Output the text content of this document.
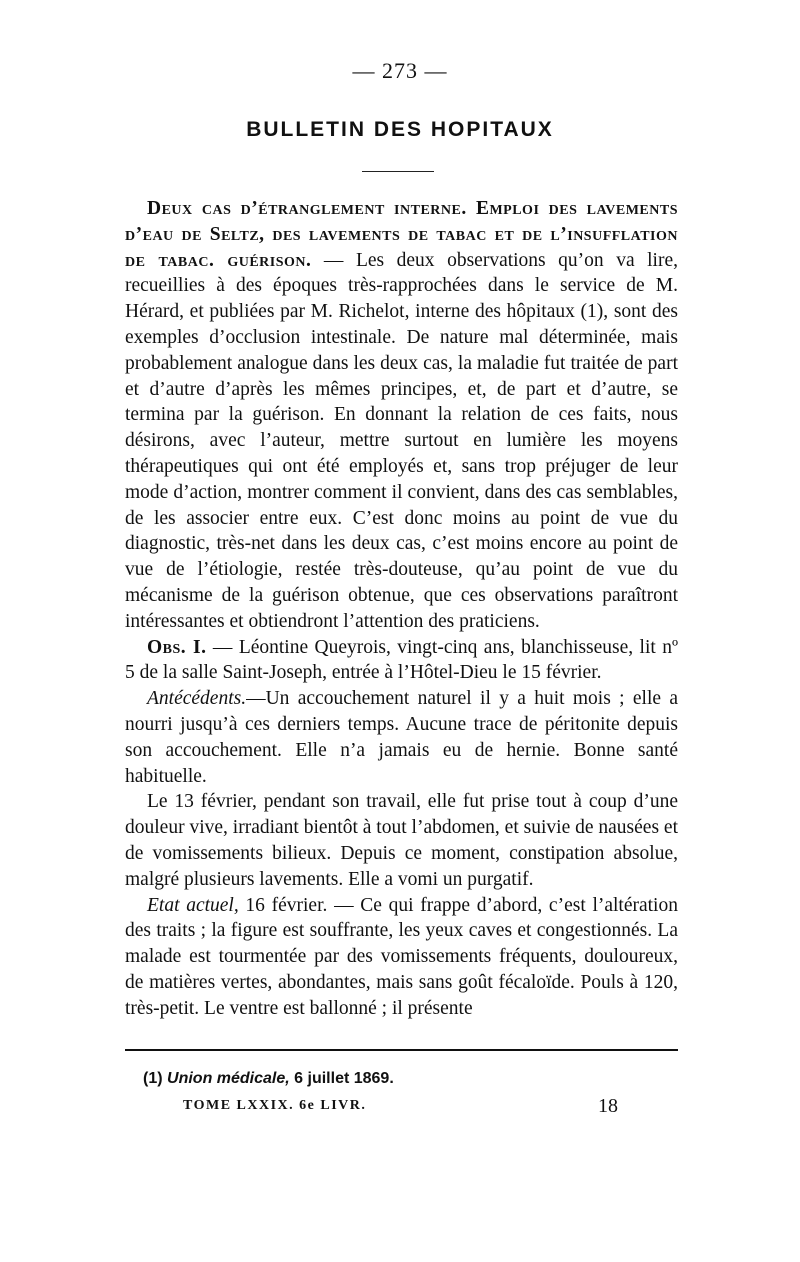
— 273 —
BULLETIN DES HOPITAUX

Deux cas d’étranglement interne. Emploi des lavements d’eau de Seltz, des lavements de tabac et de l’insufflation de tabac. guérison. — Les deux observations qu’on va lire, recueillies à des époques très-rapprochées dans le service de M. Hérard, et publiées par M. Richelot, interne des hôpitaux (1), sont des exemples d’occlusion intestinale. De nature mal déterminée, mais probablement analogue dans les deux cas, la maladie fut traitée de part et d’autre d’après les mêmes principes, et, de part et d’autre, se termina par la guérison. En donnant la relation de ces faits, nous désirons, avec l’auteur, mettre surtout en lumière les moyens thérapeutiques qui ont été employés et, sans trop préjuger de leur mode d’action, montrer comment il convient, dans des cas semblables, de les associer entre eux. C’est donc moins au point de vue du diagnostic, très-net dans les deux cas, c’est moins encore au point de vue de l’étiologie, restée très-douteuse, qu’au point de vue du mécanisme de la guérison obtenue, que ces observations paraîtront intéressantes et obtiendront l’attention des praticiens.

Obs. I. — Léontine Queyrois, vingt-cinq ans, blanchisseuse, lit nº 5 de la salle Saint-Joseph, entrée à l’Hôtel-Dieu le 15 février.

Antécédents.—Un accouchement naturel il y a huit mois ; elle a nourri jusqu’à ces derniers temps. Aucune trace de péritonite depuis son accouchement. Elle n’a jamais eu de hernie. Bonne santé habituelle.

Le 13 février, pendant son travail, elle fut prise tout à coup d’une douleur vive, irradiant bientôt à tout l’abdomen, et suivie de nausées et de vomissements bilieux. Depuis ce moment, constipation absolue, malgré plusieurs lavements. Elle a vomi un purgatif.

Etat actuel, 16 février. — Ce qui frappe d’abord, c’est l’altération des traits ; la figure est souffrante, les yeux caves et congestionnés. La malade est tourmentée par des vomissements fréquents, douloureux, de matières vertes, abondantes, mais sans goût fécaloïde. Pouls à 120, très-petit. Le ventre est ballonné ; il présente

(1) Union médicale, 6 juillet 1869.
TOME LXXIX. 6e LIVR.	18
